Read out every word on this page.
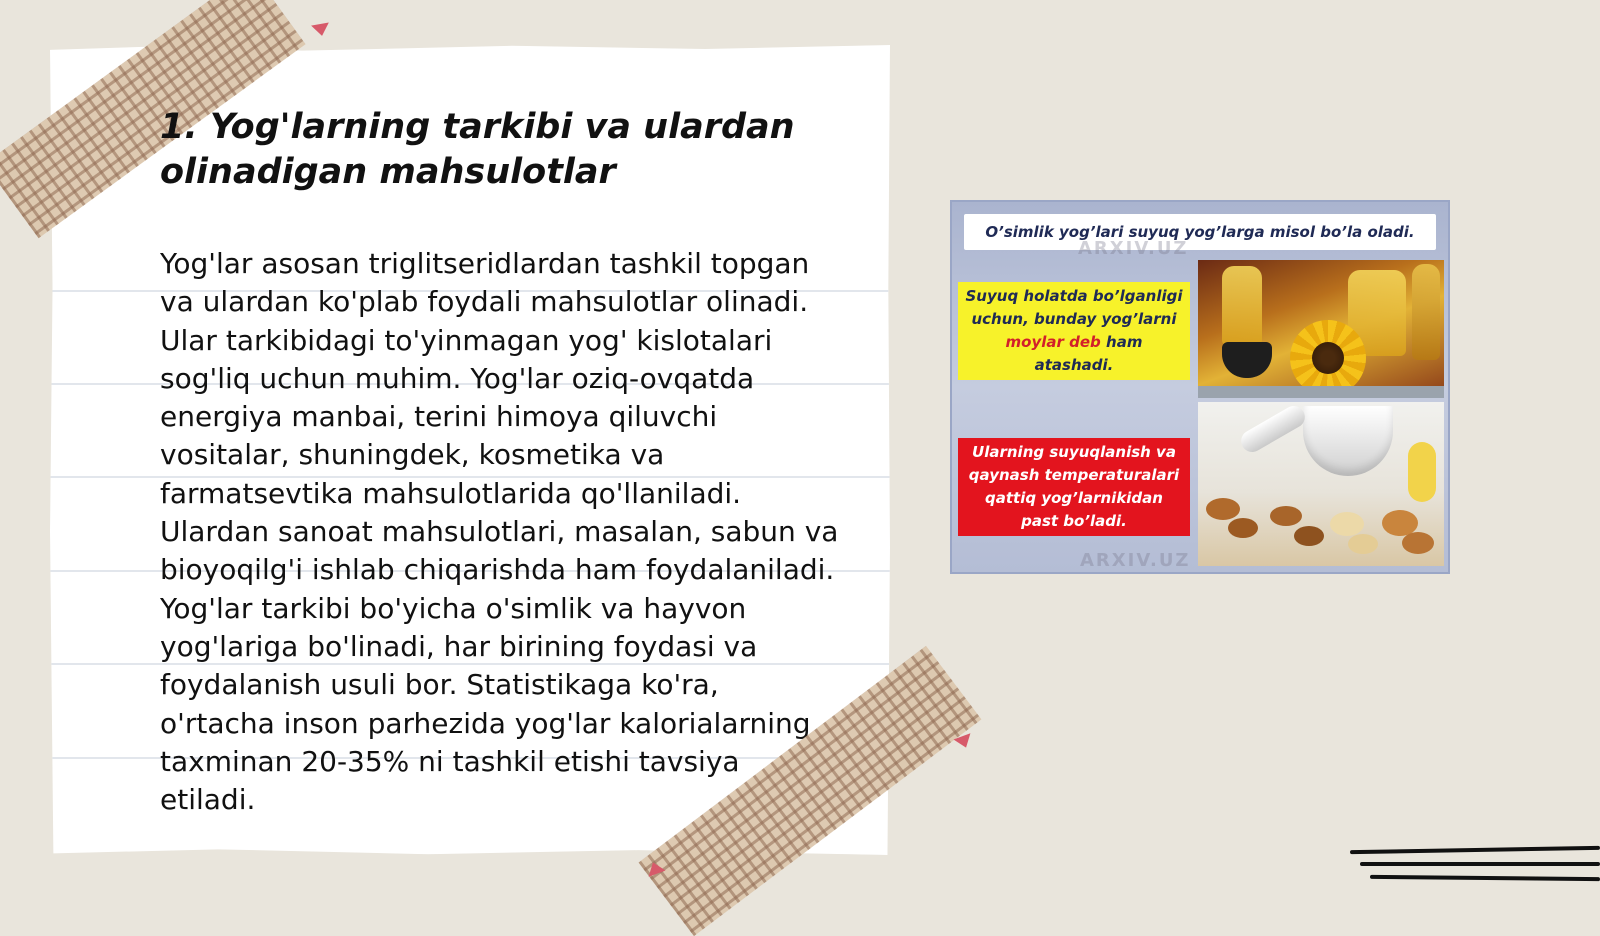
1. Yog'larning tarkibi va ulardan olinadigan mahsulotlar

Yog'lar asosan triglitseridlardan tashkil topgan va ulardan ko'plab foydali mahsulotlar olinadi. Ular tarkibidagi to'yinmagan yog' kislotalari sog'liq uchun muhim. Yog'lar oziq-ovqatda energiya manbai, terini himoya qiluvchi vositalar, shuningdek, kosmetika va farmatsevtika mahsulotlarida qo'llaniladi. Ulardan sanoat mahsulotlari, masalan, sabun va bioyoqilg'i ishlab chiqarishda ham foydalaniladi. Yog'lar tarkibi bo'yicha o'simlik va hayvon yog'lariga bo'linadi, har birining foydasi va foydalanish usuli bor. Statistikaga ko'ra, o'rtacha inson parhezida yog'lar kalorialarning taxminan 20-35% ni tashkil etishi tavsiya etiladi.

O’simlik yog’lari suyuq yog’larga misol bo’la oladi.
Suyuq holatda bo’lganligi uchun, bunday yog’larni moylar deb ham atashadi.
Ularning suyuqlanish va qaynash temperaturalari qattiq yog’larnikidan past bo’ladi.
ARXIV.UZ
ARXIV.UZ
